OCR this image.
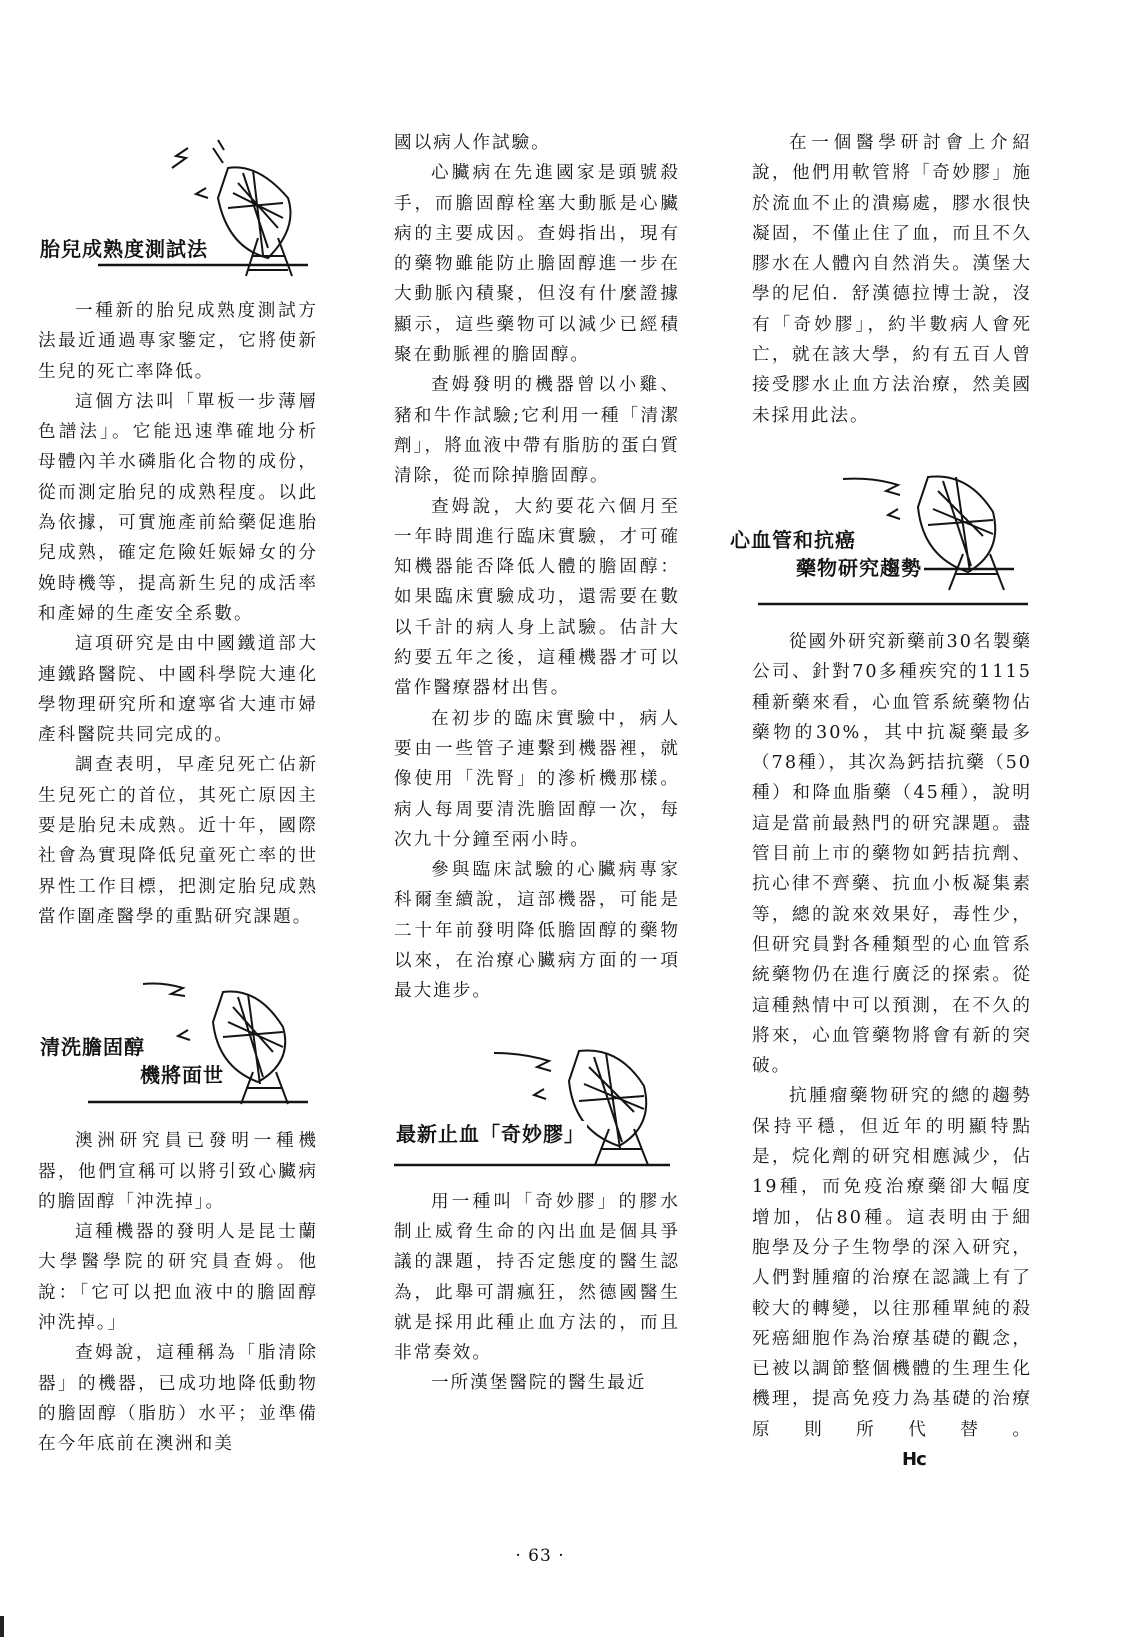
胎兒成熟度測試法

一種新的胎兒成熟度測試方法最近通過專家鑒定，它將使新生兒的死亡率降低。

這個方法叫「單板一步薄層色譜法」。它能迅速準確地分析母體內羊水磷脂化合物的成份，從而測定胎兒的成熟程度。以此為依據，可實施產前給藥促進胎兒成熟，確定危險妊娠婦女的分娩時機等，提高新生兒的成活率和產婦的生產安全系數。

這項研究是由中國鐵道部大連鐵路醫院、中國科學院大連化學物理研究所和遼寧省大連市婦產科醫院共同完成的。

調查表明，早產兒死亡佔新生兒死亡的首位，其死亡原因主要是胎兒未成熟。近十年，國際社會為實現降低兒童死亡率的世界性工作目標，把測定胎兒成熟當作圍產醫學的重點研究課題。

清洗膽固醇
機將面世

澳洲研究員已發明一種機器，他們宣稱可以將引致心臟病的膽固醇「沖洗掉」。

這種機器的發明人是昆士蘭大學醫學院的研究員查姆。他說：「它可以把血液中的膽固醇沖洗掉。」

查姆說，這種稱為「脂清除器」的機器，已成功地降低動物的膽固醇（脂肪）水平；並準備在今年底前在澳洲和美

國以病人作試驗。

心臟病在先進國家是頭號殺手，而膽固醇栓塞大動脈是心臟病的主要成因。查姆指出，現有的藥物雖能防止膽固醇進一步在大動脈內積聚，但沒有什麼證據顯示，這些藥物可以減少已經積聚在動脈裡的膽固醇。

查姆發明的機器曾以小雞、豬和牛作試驗;它利用一種「清潔劑」，將血液中帶有脂肪的蛋白質清除，從而除掉膽固醇。

查姆說，大約要花六個月至一年時間進行臨床實驗，才可確知機器能否降低人體的膽固醇：如果臨床實驗成功，還需要在數以千計的病人身上試驗。估計大約要五年之後，這種機器才可以當作醫療器材出售。

在初步的臨床實驗中，病人要由一些管子連繫到機器裡，就像使用「洗腎」的滲析機那樣。病人每周要清洗膽固醇一次，每次九十分鐘至兩小時。

參與臨床試驗的心臟病專家科爾奎續說，這部機器，可能是二十年前發明降低膽固醇的藥物以來，在治療心臟病方面的一項最大進步。

最新止血「奇妙膠」

用一種叫「奇妙膠」的膠水制止威脅生命的內出血是個具爭議的課題，持否定態度的醫生認為，此舉可謂瘋狂，然德國醫生就是採用此種止血方法的，而且非常奏效。

一所漢堡醫院的醫生最近

在一個醫學研討會上介紹說，他們用軟管將「奇妙膠」施於流血不止的潰瘍處，膠水很快凝固，不僅止住了血，而且不久膠水在人體內自然消失。漢堡大學的尼伯．舒漢德拉博士說，沒有「奇妙膠」，約半數病人會死亡，就在該大學，約有五百人曾接受膠水止血方法治療，然美國未採用此法。

心血管和抗癌
藥物研究趨勢

從國外研究新藥前30名製藥公司、針對70多種疾究的1115種新藥來看，心血管系統藥物佔藥物的30%，其中抗凝藥最多（78種），其次為鈣拮抗藥（50種）和降血脂藥（45種），說明這是當前最熱門的研究課題。盡管目前上市的藥物如鈣拮抗劑、抗心律不齊藥、抗血小板凝集素等，總的說來效果好，毒性少，但研究員對各種類型的心血管系統藥物仍在進行廣泛的探索。從這種熱情中可以預測，在不久的將來，心血管藥物將會有新的突破。

抗腫瘤藥物研究的總的趨勢保持平穩，但近年的明顯特點是，烷化劑的研究相應減少，佔19種，而免疫治療藥卻大幅度增加，佔80種。這表明由于細胞學及分子生物學的深入研究，人們對腫瘤的治療在認識上有了較大的轉變，以往那種單純的殺死癌細胞作為治療基礎的觀念，已被以調節整個機體的生理生化機理，提高免疫力為基礎的治療原則所代替。Hc

· 63 ·
